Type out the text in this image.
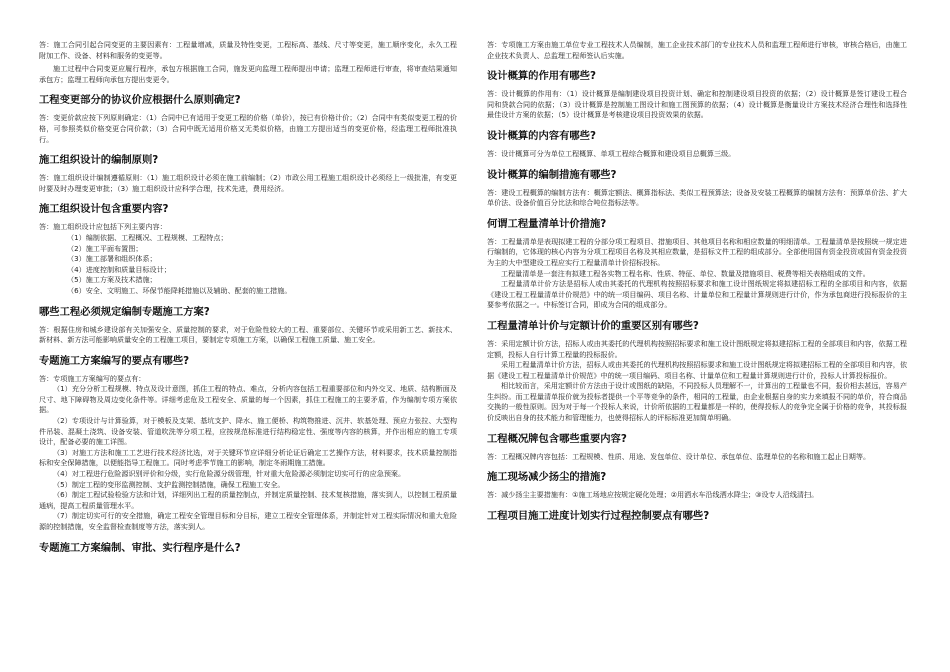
答：施工合同引起合同变更的主要因素有：工程量增减，质量及特性变更，工程标高、基线、尺寸等变更，施工顺序变化，永久工程附加工作、设备、材料和服务的变更等。

施工过程中合同变更应履行程序，承包方根据施工合同，施发更向监理工程师提出申请；监理工程师进行审查，将审查结果通知承包方；监理工程师向承包方提出变更令。

工程变更部分的协议价应根据什么原则确定?

答：变更价款应按下列原则确定：（1）合同中已有适用于变更工程的价格（单价），按已有价格计价；（2）合同中有类似变更工程的价格，可参照类似价格变更合同价款；（3）合同中既无适用价格又无类似价格，由施工方提出适当的变更价格，经监理工程师批准执行。

施工组织设计的编制原则?

答：施工组织设计编制遵循原则：（1）施工组织设计必须在施工前编制；（2）市政公用工程施工组织设计必须经上一级批准，有变更时要及时办理变更审批；（3）施工组织设计应科学合理，技术先进，费用经济。

施工组织设计包含重要内容?

答：施工组织设计应包括下列主要内容：

（1）编制依据、工程概况、工程规模、工程特点；

（2）施工平面布置图；

（3）施工部署和组织体系；

（4）进度控制和质量目标设计；

（5）施工方案及技术措施；

（6）安全、文明施工、环保节能降耗措施以及辅助、配套的施工措施。

哪些工程必须规定编制专题施工方案?

答：根据住房和城乡建设部有关加强安全、质量控制的要求，对于危险性较大的工程、重要部位、关键环节或采用新工艺、新技术、新材料、新方法可能影响质量安全的工程施工项目，要制定专项施工方案，以确保工程施工质量、施工安全。

专题施工方案编写的要点有哪些?

答：专项施工方案编写的要点有：

（1）充分分析工程规模、特点及设计意图，抓住工程的特点、难点，分析内容包括工程重要部位和内外交叉、地质、结构断面及尺寸、地下障碍物及周边变化条件等。详细考虑危及工程安全、质量的每一个因素，抓住工程施工的主要矛盾，作为编制专项方案依据。

（2）专项设计与计算验算，对于模板及支架、基坑支护、降水、施工便桥、构筑物推进、沉井、软基处理、预应力张拉、大型构件吊装、混凝土浇筑、设备安装、管道吹洗等分项工程，应按规范标准进行结构稳定性、强度等内容的核算，并作出相应的施工专项设计，配备必要的施工详图。

（3）对施工方法和施工工艺进行技术经济比选，对于关键环节应详细分析论证后确定工艺操作方法，材料要求，技术质量控制指标和安全保障措施，以便能指导工程施工。同时考虑季节施工的影响，制定冬雨期施工措施。

（4）对工程进行危险源识别评价和分级，实行危险源分级管理，针对重大危险源必须制定切实可行的应急预案。

（5）制定工程的变形监测控制、支护监测控制措施，确保工程施工安全。

（6）制定工程试验检验方法和计划，详细列出工程的质量控制点，并制定质量控制、技术复核措施，落实到人，以控制工程质量通病，提高工程质量管理水平。

（7）制定切实可行的安全措施，确定工程安全管理目标和分目标，建立工程安全管理体系，并制定针对工程实际情况和重大危险源的控制措施，安全监督检查制度等方法，落实到人。

专题施工方案编制、审批、实行程序是什么?

答：专项施工方案由施工单位专业工程技术人员编制，施工企业技术部门的专业技术人员和监理工程师进行审核，审核合格后，由施工企业技术负责人、总监理工程师签认后实施。

设计概算的作用有哪些?

答：设计概算的作用有：（1）设计概算是编制建设项目投资计划、确定和控制建设项目投资的依据；（2）设计概算是签订建设工程合同和贷款合同的依据；（3）设计概算是控制施工图设计和施工图预算的依据；（4）设计概算是衡量设计方案技术经济合理性和选择性最佳设计方案的依据；（5）设计概算是考核建设项目投资效果的依据。

设计概算的内容有哪些?

答：设计概算可分为单位工程概算、单项工程综合概算和建设项目总概算三级。

设计概算的编制措施有哪些?

答：建设工程概算的编制方法有：概算定额法、概算指标法、类似工程预算法；设备及安装工程概算的编制方法有：预算单价法、扩大单价法、设备价值百分比法和综合吨位指标法等。

何谓工程量清单计价措施?

答：工程量清单是表现拟建工程的分部分项工程项目、措施项目、其他项目名称和相应数量的明细清单。工程量清单是按照统一规定进行编制的，它体现的核心内容为分项工程项目名称及其相应数量，是招标文件工程的组成部分。全部使用国有资金投资或国有资金投资为主的大中型建设工程应实行工程量清单计价招标投标。

工程量清单是一套注有拟建工程各实物工程名称、性质、特征、单位、数量及措施项目、税费等相关表格组成的文件。

工程量清单计价方法是招标人或由其委托的代理机构按照招标要求和施工设计图纸规定将拟建招标工程的全部项目和内容，依据《建设工程工程量清单计价规范》中的统一项目编码、项目名称、计量单位和工程量计算规则进行计价，作为承包商进行投标报价的主要参考依据之一。中标签订合同，即成为合同的组成部分。

工程量清单计价与定额计价的重要区别有哪些?

答：采用定额计价方法，招标人或由其委托的代理机构按照招标要求和施工设计图纸规定将拟建招标工程的全部项目和内容，依据工程定额，投标人自行计算工程量的投标报价。

采用工程量清单计价方法，招标人或由其委托的代理机构按照招标要求和施工设计图纸规定将拟建招标工程的全部项目和内容，依据《建设工程工程量清单计价规范》中的统一项目编码、项目名称、计量单位和工程量计算规则进行计价，投标人计算投标报价。

相比较而言，采用定额计价方法由于设计或图纸的缺陷，不同投标人员理解不一，计算出的工程量也不同，报价相去甚远，容易产生纠纷。而工程量清单报价就为投标者提供一个平等竞争的条件，相同的工程量，由企业根据自身的实力来填报不同的单价，符合商品交换的一般性原则。因为对于每一个投标人来说，计价所依据的工程量都是一样的，使得投标人的竞争完全属于价格的竞争，其投标报价反映出自身的技术能力和管理能力，也使得招标人的评标标准更加简单明确。

工程概况牌包含哪些重要内容?

答：工程概况牌内容包括：工程规模、性质、用途、发包单位、设计单位、承包单位、监理单位的名称和施工起止日期等。

施工现场减少扬尘的措施?

答：减少扬尘主要措施有：①施工场地应按规定硬化处理；②用洒水车沿线洒水降尘；③设专人沿线清扫。

工程项目施工进度计划实行过程控制要点有哪些?
